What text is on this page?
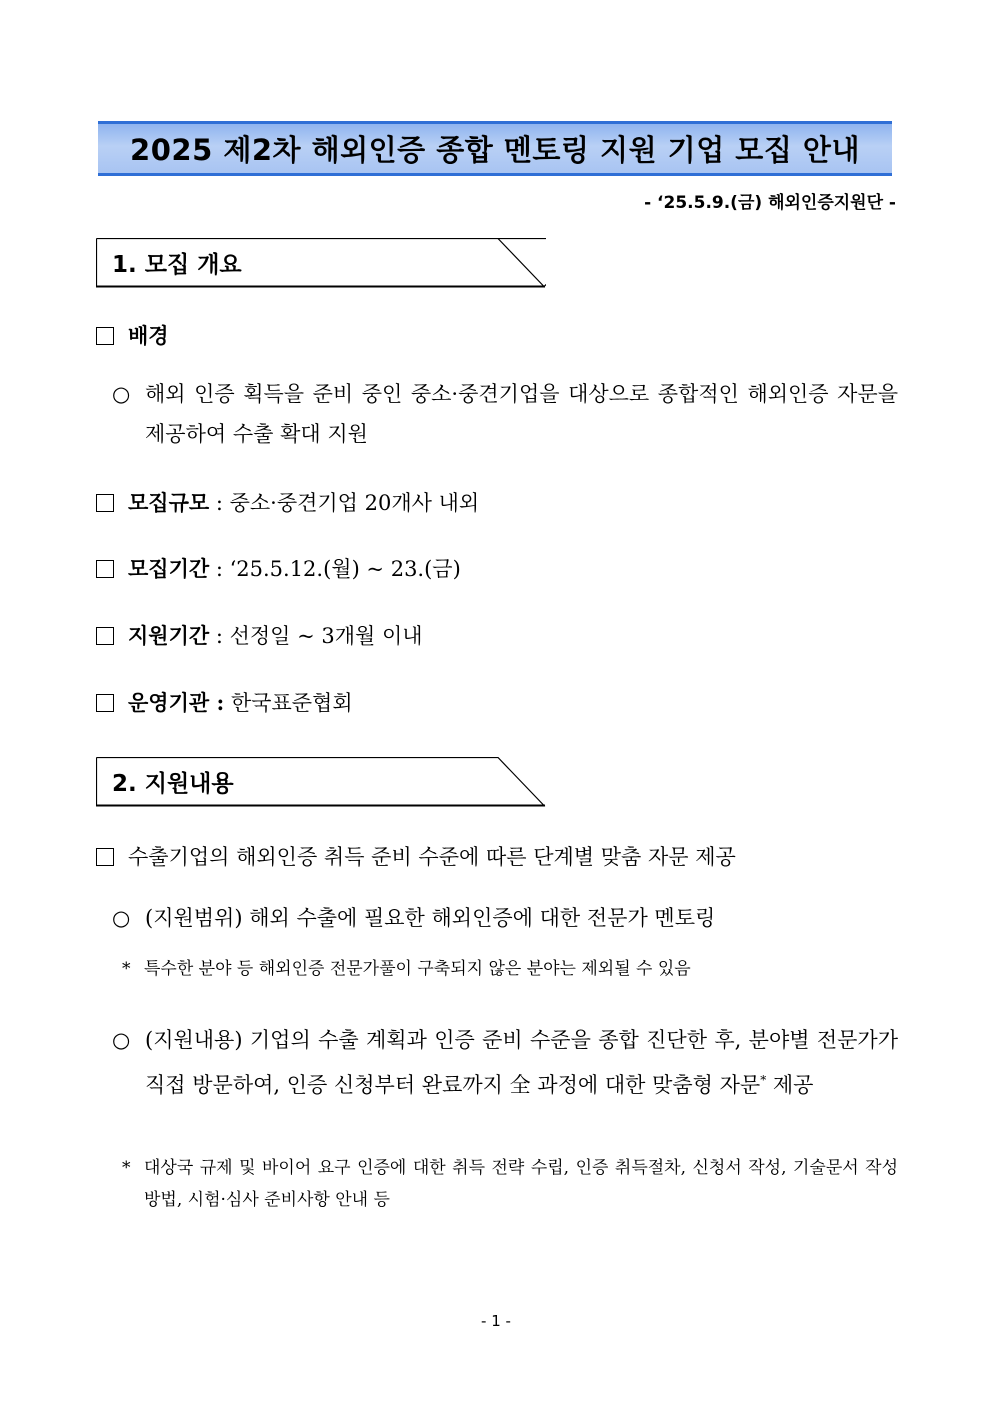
2025 제2차 해외인증 종합 멘토링 지원 기업 모집 안내
- ‘25.5.9.(금) 해외인증지원단 -
1. 모집 개요
배경
○ 해외 인증 획득을 준비 중인 중소·중견기업을 대상으로 종합적인 해외인증 자문을 제공하여 수출 확대 지원
모집규모 : 중소·중견기업 20개사 내외
모집기간 : ‘25.5.12.(월) ~ 23.(금)
지원기간 : 선정일 ~ 3개월 이내
운영기관 : 한국표준협회
2. 지원내용
수출기업의 해외인증 취득 준비 수준에 따른 단계별 맞춤 자문 제공
○ (지원범위) 해외 수출에 필요한 해외인증에 대한 전문가 멘토링
* 특수한 분야 등 해외인증 전문가풀이 구축되지 않은 분야는 제외될 수 있음
○ (지원내용) 기업의 수출 계획과 인증 준비 수준을 종합 진단한 후, 분야별 전문가가 직접 방문하여, 인증 신청부터 완료까지 全 과정에 대한 맞춤형 자문* 제공
* 대상국 규제 및 바이어 요구 인증에 대한 취득 전략 수립, 인증 취득절차, 신청서 작성, 기술문서 작성 방법, 시험·심사 준비사항 안내 등
- 1 -
